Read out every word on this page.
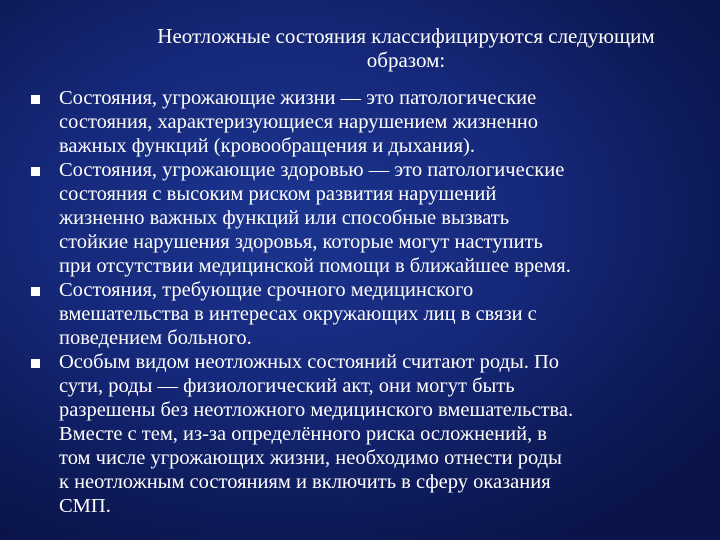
Неотложные состояния классифицируются следующим
образом:
Состояния, угрожающие жизни — это патологические
состояния, характеризующиеся нарушением жизненно
важных функций (кровообращения и дыхания).
Состояния, угрожающие здоровью — это патологические
состояния с высоким риском развития нарушений
жизненно важных функций или способные вызвать
стойкие нарушения здоровья, которые могут наступить
при отсутствии медицинской помощи в ближайшее время.
Состояния, требующие срочного медицинского
вмешательства в интересах окружающих лиц в связи с
поведением больного.
Особым видом неотложных состояний считают роды. По
сути, роды — физиологический акт, они могут быть
разрешены без неотложного медицинского вмешательства.
Вместе с тем, из-за определённого риска осложнений, в
том числе угрожающих жизни, необходимо отнести роды
к неотложным состояниям и включить в сферу оказания
СМП.
